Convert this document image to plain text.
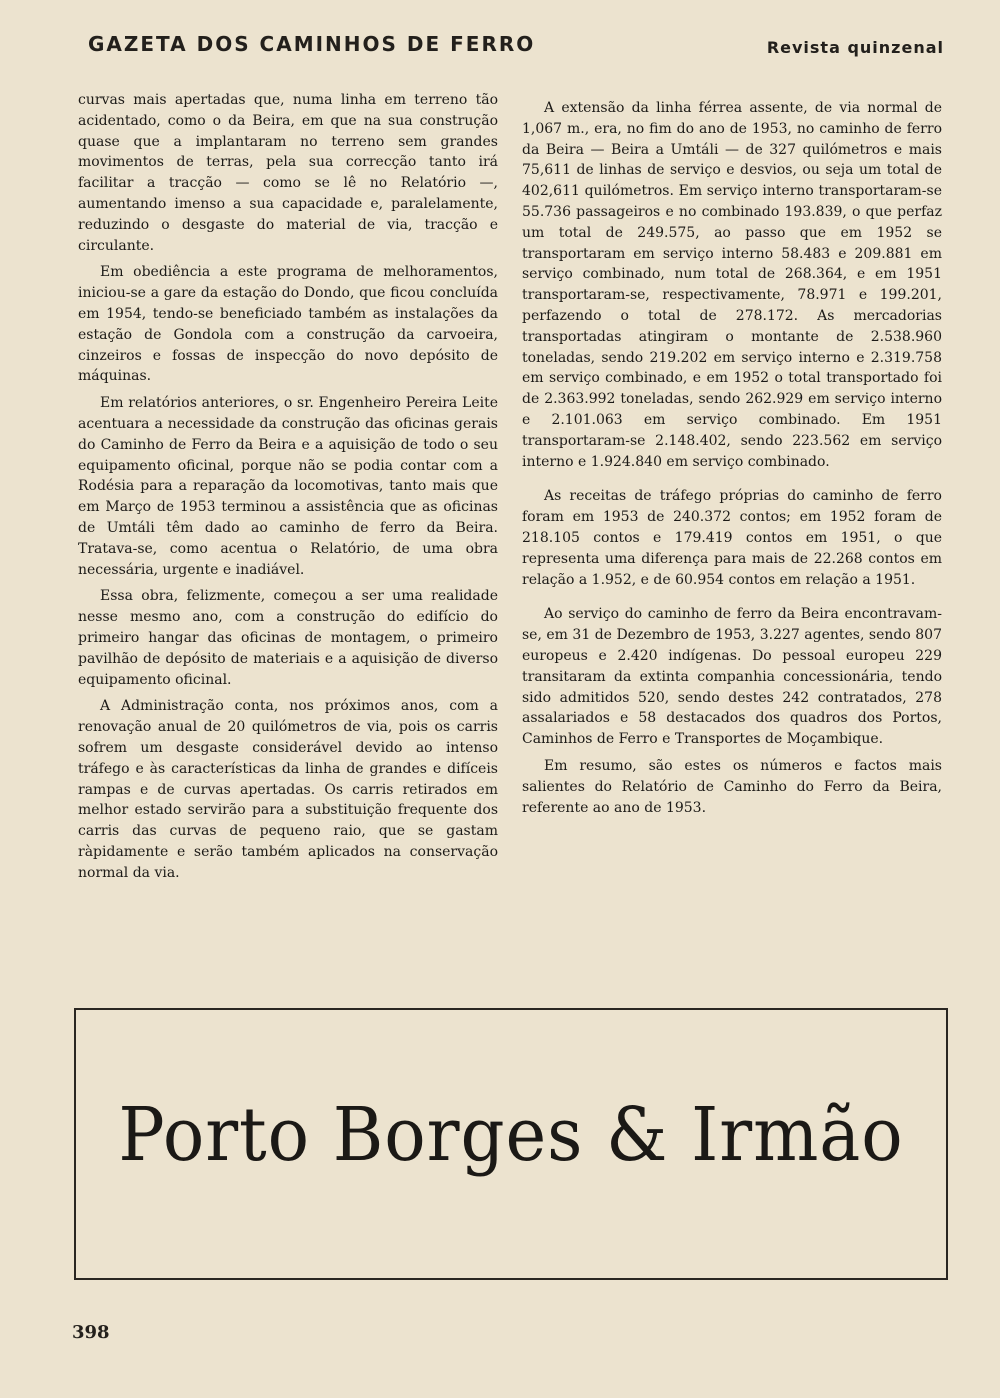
GAZETA DOS CAMINHOS DE FERRO	Revista quinzenal

curvas mais apertadas que, numa linha em terreno tão acidentado, como o da Beira, em que na sua construção quase que a implantaram no terreno sem grandes movimentos de terras, pela sua correcção tanto irá facilitar a tracção — como se lê no Relatório —, aumentando imenso a sua capacidade e, paralelamente, reduzindo o desgaste do material de via, tracção e circulante.

Em obediência a este programa de melhoramentos, iniciou-se a gare da estação do Dondo, que ficou concluída em 1954, tendo-se beneficiado também as instalações da estação de Gondola com a construção da carvoeira, cinzeiros e fossas de inspecção do novo depósito de máquinas.

Em relatórios anteriores, o sr. Engenheiro Pereira Leite acentuara a necessidade da construção das oficinas gerais do Caminho de Ferro da Beira e a aquisição de todo o seu equipamento oficinal, porque não se podia contar com a Rodésia para a reparação da locomotivas, tanto mais que em Março de 1953 terminou a assistência que as oficinas de Umtáli têm dado ao caminho de ferro da Beira. Tratava-se, como acentua o Relatório, de uma obra necessária, urgente e inadiável.

Essa obra, felizmente, começou a ser uma realidade nesse mesmo ano, com a construção do edifício do primeiro hangar das oficinas de montagem, o primeiro pavilhão de depósito de materiais e a aquisição de diverso equipamento oficinal.

A Administração conta, nos próximos anos, com a renovação anual de 20 quilómetros de via, pois os carris sofrem um desgaste considerável devido ao intenso tráfego e às características da linha de grandes e difíceis rampas e de curvas apertadas. Os carris retirados em melhor estado servirão para a substituição frequente dos carris das curvas de pequeno raio, que se gastam ràpidamente e serão também aplicados na conservação normal da via.

A extensão da linha férrea assente, de via normal de 1,067 m., era, no fim do ano de 1953, no caminho de ferro da Beira — Beira a Umtáli — de 327 quilómetros e mais 75,611 de linhas de serviço e desvios, ou seja um total de 402,611 quilómetros. Em serviço interno transportaram-se 55.736 passageiros e no combinado 193.839, o que perfaz um total de 249.575, ao passo que em 1952 se transportaram em serviço interno 58.483 e 209.881 em serviço combinado, num total de 268.364, e em 1951 transportaram-se, respectivamente, 78.971 e 199.201, perfazendo o total de 278.172. As mercadorias transportadas atingiram o montante de 2.538.960 toneladas, sendo 219.202 em serviço interno e 2.319.758 em serviço combinado, e em 1952 o total transportado foi de 2.363.992 toneladas, sendo 262.929 em serviço interno e 2.101.063 em serviço combinado. Em 1951 transportaram-se 2.148.402, sendo 223.562 em serviço interno e 1.924.840 em serviço combinado.

As receitas de tráfego próprias do caminho de ferro foram em 1953 de 240.372 contos; em 1952 foram de 218.105 contos e 179.419 contos em 1951, o que representa uma diferença para mais de 22.268 contos em relação a 1.952, e de 60.954 contos em relação a 1951.

Ao serviço do caminho de ferro da Beira encontravam-se, em 31 de Dezembro de 1953, 3.227 agentes, sendo 807 europeus e 2.420 indígenas. Do pessoal europeu 229 transitaram da extinta companhia concessionária, tendo sido admitidos 520, sendo destes 242 contratados, 278 assalariados e 58 destacados dos quadros dos Portos, Caminhos de Ferro e Transportes de Moçambique.

Em resumo, são estes os números e factos mais salientes do Relatório de Caminho do Ferro da Beira, referente ao ano de 1953.

Porto Borges & Irmão
398
